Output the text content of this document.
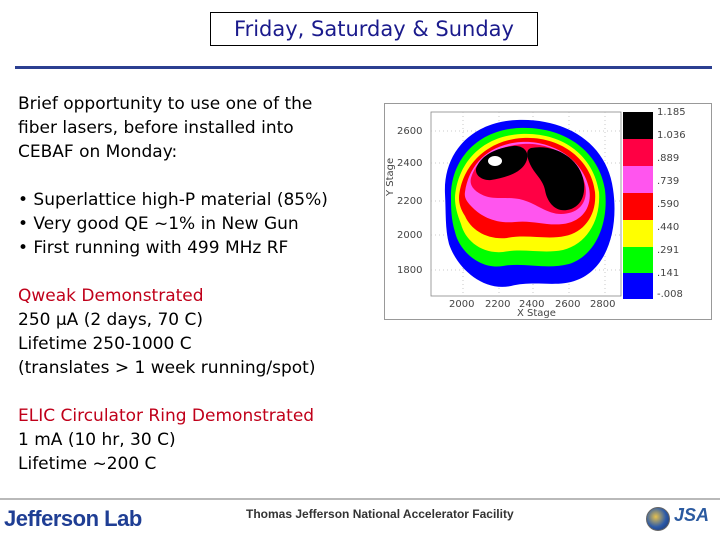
Friday, Saturday & Sunday
Brief opportunity to use one of the
fiber lasers, before installed into
CEBAF on Monday:
• Superlattice high-P material (85%)
• Very good QE ~1% in New Gun
• First running with 499 MHz RF
Qweak Demonstrated
250 µA (2 days, 70 C)
Lifetime 250-1000 C
(translates > 1 week running/spot)
ELIC Circulator Ring Demonstrated
1 mA (10 hr, 30 C)
Lifetime ~200 C
2600
2400
2200
2000
1800
Y Stage
2000 2200 2400 2600 2800
X Stage
1.185
1.036
.889
.739
.590
.440
.291
.141
-.008
Jefferson Lab	Thomas Jefferson National Accelerator Facility	JSA
